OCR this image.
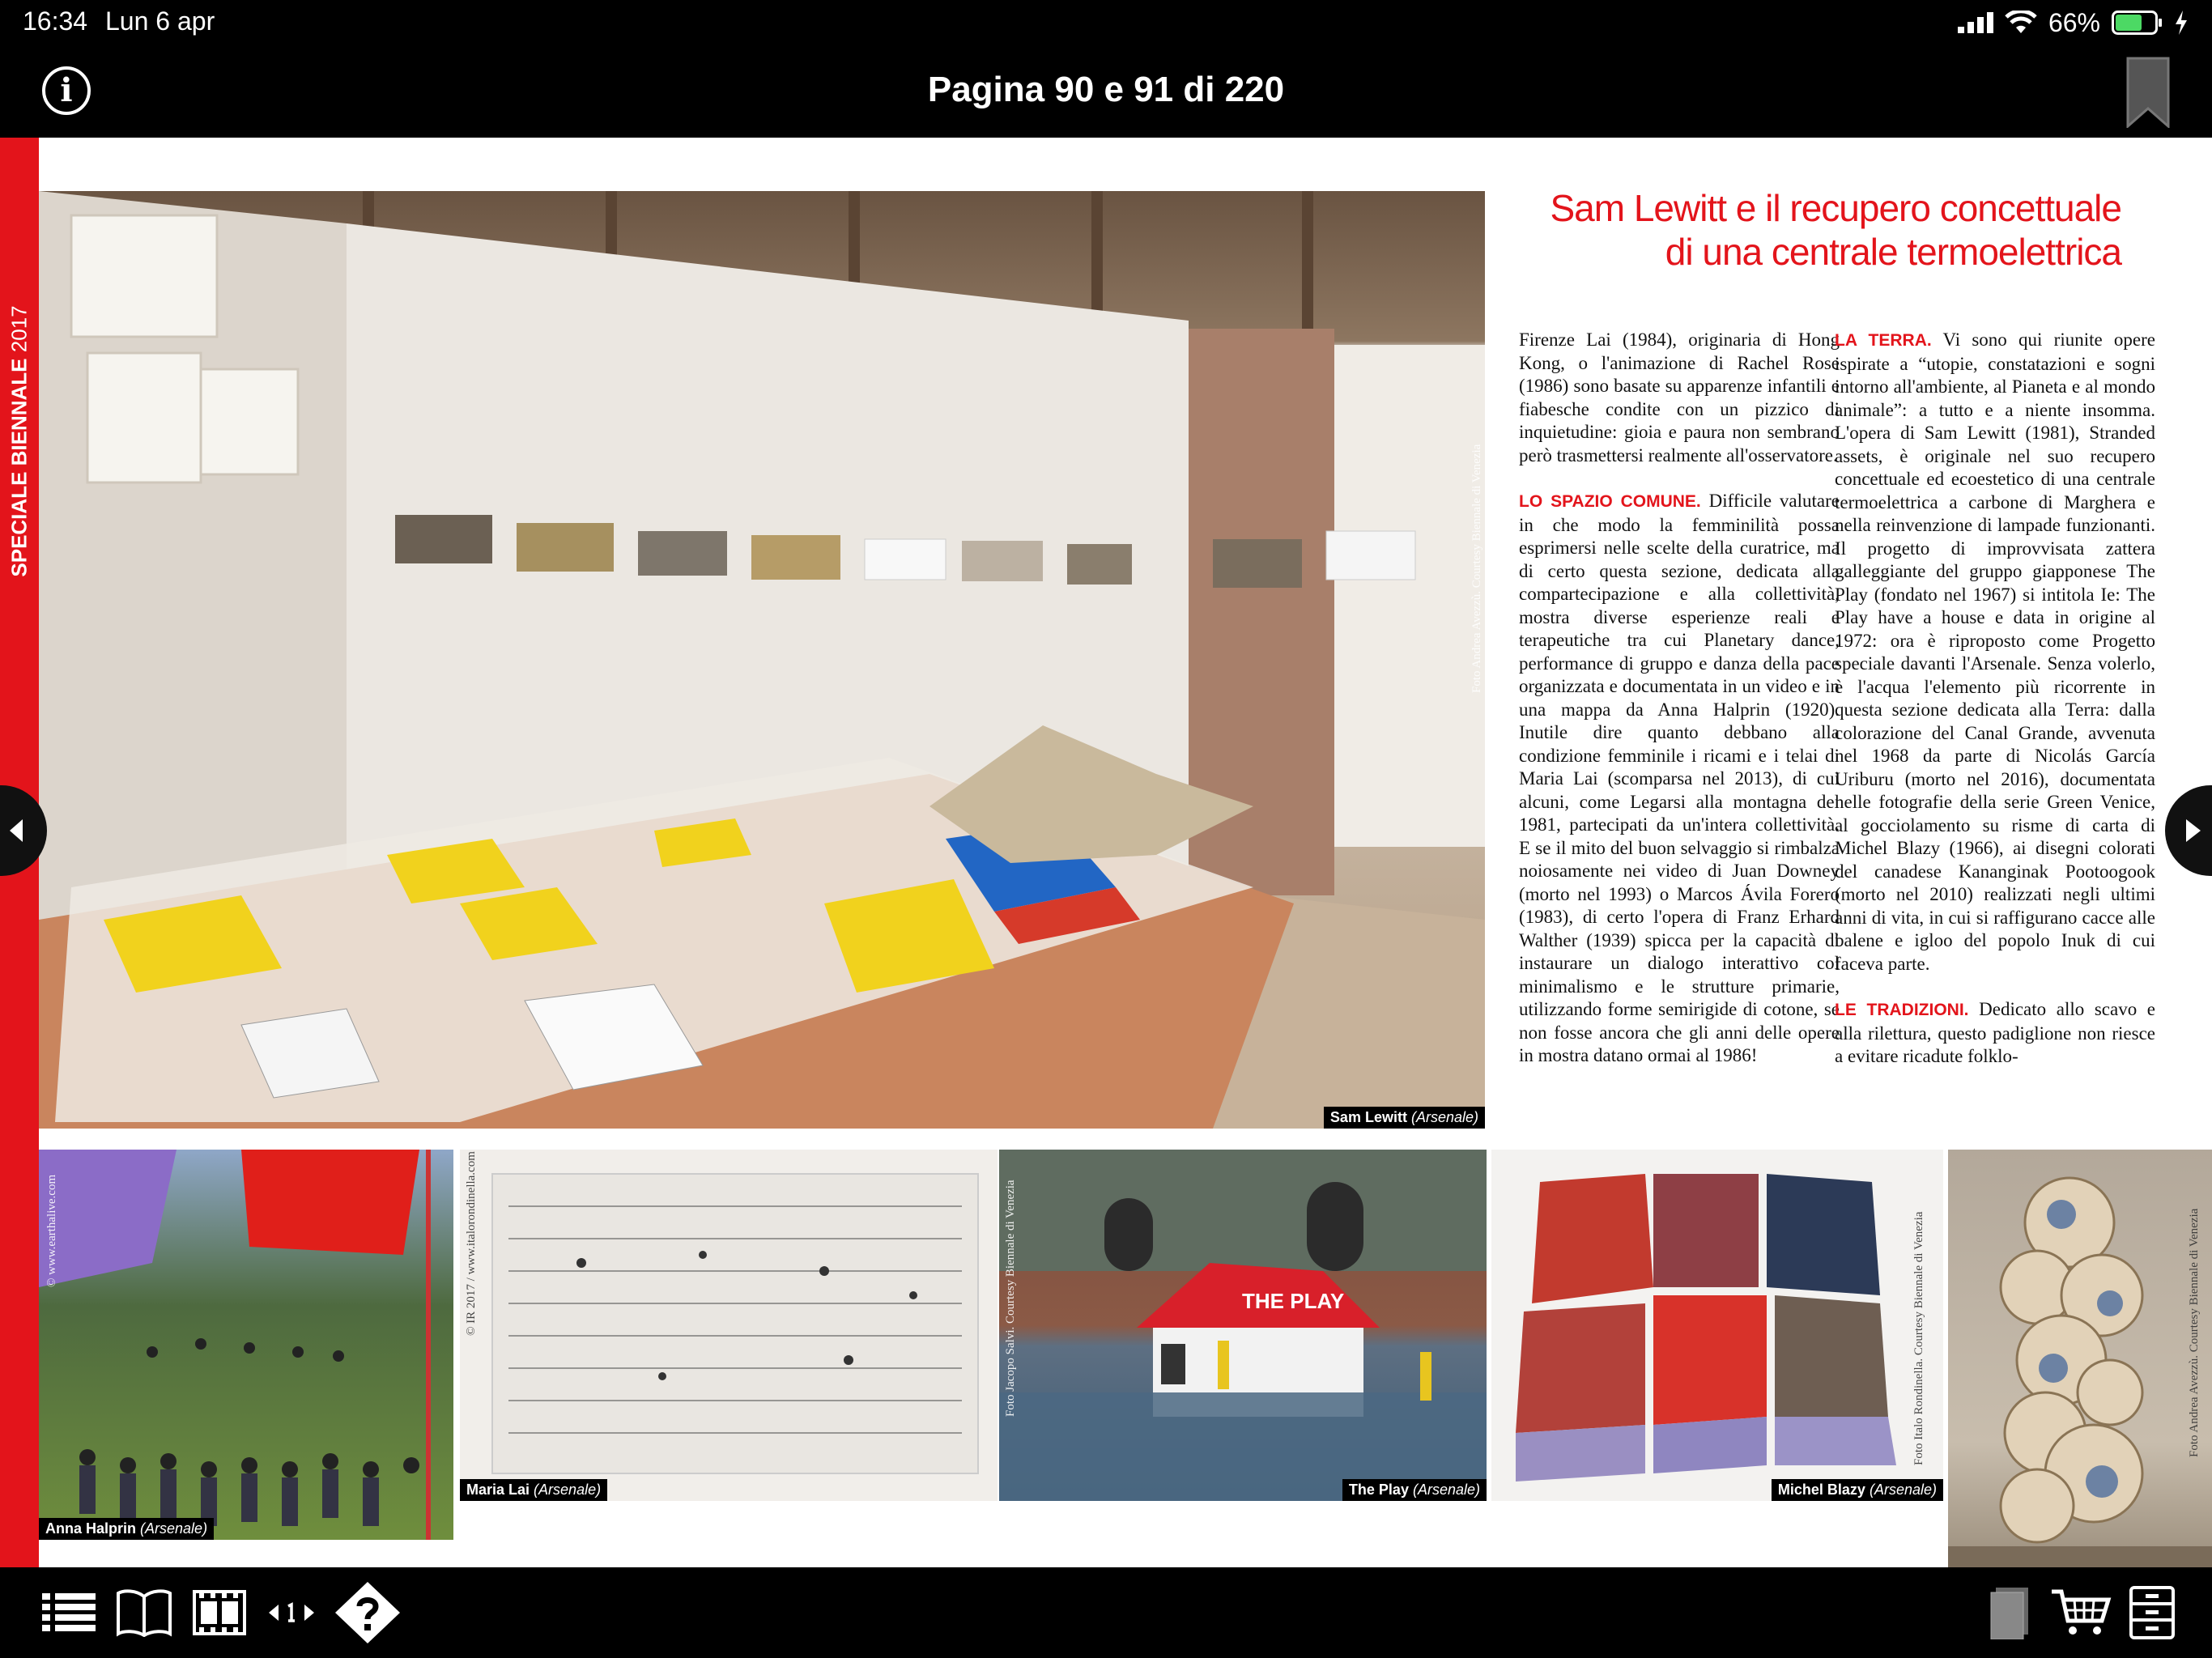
16:34 Lun 6 apr	66%
i	Pagina 90 e 91 di 220
SPECIALE BIENNALE 2017
Foto Andrea Avezzù. Courtesy Biennale di Venezia
Sam Lewitt (Arsenale)
Sam Lewitt e il recupero concettuale
di una centrale termoelettrica

Firenze Lai (1984), originaria di Hong Kong, o l'animazione di Rachel Rose (1986) sono basate su apparenze infantili e fiabesche condite con un pizzico di inquietudine: gioia e paura non sembrano però trasmettersi realmente all'osservatore.

LO SPAZIO COMUNE. Difficile valutare in che modo la femminilità possa esprimersi nelle scelte della curatrice, ma di certo questa sezione, dedicata alla compartecipazione e alla collettività, mostra diverse esperienze reali e terapeutiche tra cui Planetary dance, performance di gruppo e danza della pace organizzata e documentata in un video e in una mappa da Anna Halprin (1920). Inutile dire quanto debbano alla condizione femminile i ricami e i telai di Maria Lai (scomparsa nel 2013), di cui alcuni, come Legarsi alla montagna del 1981, partecipati da un'intera collettività. E se il mito del buon selvaggio si rimbalza noiosamente nei video di Juan Downey (morto nel 1993) o Marcos Ávila Forero (1983), di certo l'opera di Franz Erhard Walther (1939) spicca per la capacità di instaurare un dialogo interattivo col minimalismo e le strutture primarie, utilizzando forme semirigide di cotone, se non fosse ancora che gli anni delle opere in mostra datano ormai al 1986!

LA TERRA. Vi sono qui riunite opere ispirate a “utopie, constatazioni e sogni intorno all'ambiente, al Pianeta e al mondo animale”: a tutto e a niente insomma. L'opera di Sam Lewitt (1981), Stranded assets, è originale nel suo recupero concettuale ed ecoestetico di una centrale termoelettrica a carbone di Marghera e nella reinvenzione di lampade funzionanti. Il progetto di improvvisata zattera galleggiante del gruppo giapponese The Play (fondato nel 1967) si intitola Ie: The Play have a house e data in origine al 1972: ora è riproposto come Progetto speciale davanti l'Arsenale. Senza volerlo, è l'acqua l'elemento più ricorrente in questa sezione dedicata alla Terra: dalla colorazione del Canal Grande, avvenuta nel 1968 da parte di Nicolás García Uriburu (morto nel 2016), documentata nelle fotografie della serie Green Venice, al gocciolamento su risme di carta di Michel Blazy (1966), ai disegni colorati del canadese Kananginak Pootoogook (morto nel 2010) realizzati negli ultimi anni di vita, in cui si raffigurano cacce alle balene e igloo del popolo Inuk di cui faceva parte.

LE TRADIZIONI. Dedicato allo scavo e alla rilettura, questo padiglione non riesce a evitare ricadute folklo-

© www.earthalive.com
Anna Halprin (Arsenale)
© IR 2017 / www.italorondinella.com
Maria Lai (Arsenale)
THE PLAY
Foto Jacopo Salvi. Courtesy Biennale di Venezia
The Play (Arsenale)
Foto Italo Rondinella. Courtesy Biennale di Venezia
Michel Blazy (Arsenale)
Foto Andrea Avezzù. Courtesy Biennale di Venezia
